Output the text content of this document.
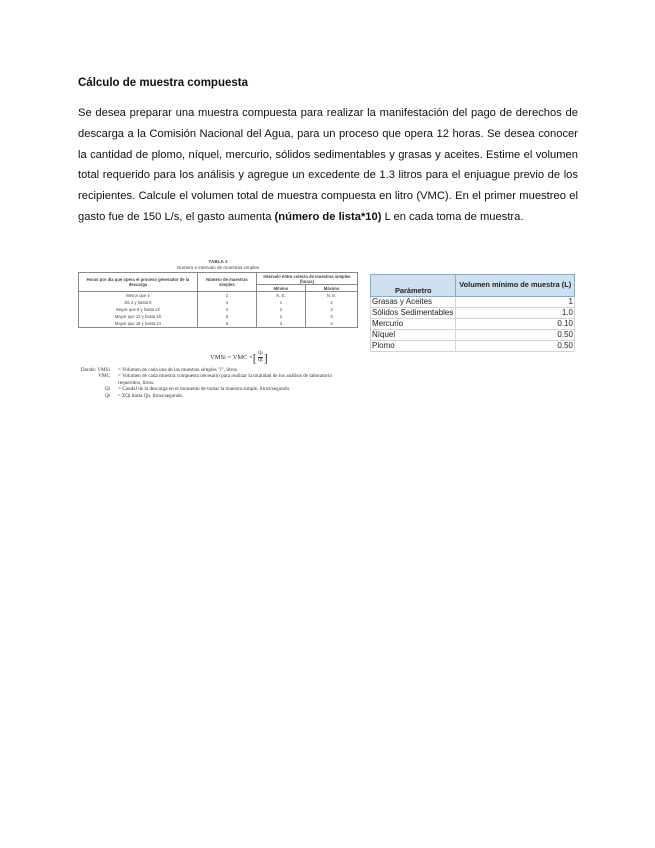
Cálculo de muestra compuesta

Se desea preparar una muestra compuesta para realizar la manifestación del pago de derechos de descarga a la Comisión Nacional del Agua, para un proceso que opera 12 horas. Se desea conocer la cantidad de plomo, níquel, mercurio, sólidos sedimentables y grasas y aceites. Estime el volumen total requerido para los análisis y agregue un excedente de 1.3 litros para el enjuague previo de los recipientes. Calcule el volumen total de muestra compuesta en litro (VMC). En el primer muestreo el gasto fue de 150 L/s, el gasto aumenta (número de lista*10) L en cada toma de muestra.

TABLA 1
Número e intervalo de muestras simples
Horas por día que opera el proceso generador de la descarga	Número de muestras simples	Intervalo entre colecta de muestras simples (horas)	
		Mínimo	Máximo
Menor que 4	2	N. E.	N. E.
De 4 y hasta 8	4	1	2
Mayor que 8 y hasta 12	4	2	3
Mayor que 12 y hasta 18	6	2	3
Mayor que 18 y hasta 24	6	3	4
VMSi = VMC × [ $\frac{Qi}{Qt}$ ]
Donde: VMSi	= Volumen de cada una de las muestras simples "i", litros.
VMC	= Volumen de cada muestra compuesta necesario para realizar la totalidad de los análisis de laboratorio requeridos, litros.
Qi	= Caudal de la descarga en el momento de tomar la muestra simple, litros/segundo.
Qt	= ΣQi hasta Qn, litros/segundo.
Parámetro	Volumen mínimo de muestra (L)
Grasas y Aceites	1
Sólidos Sedimentables	1.0
Mercurio	0.10
Níquel	0.50
Plomo	0.50
